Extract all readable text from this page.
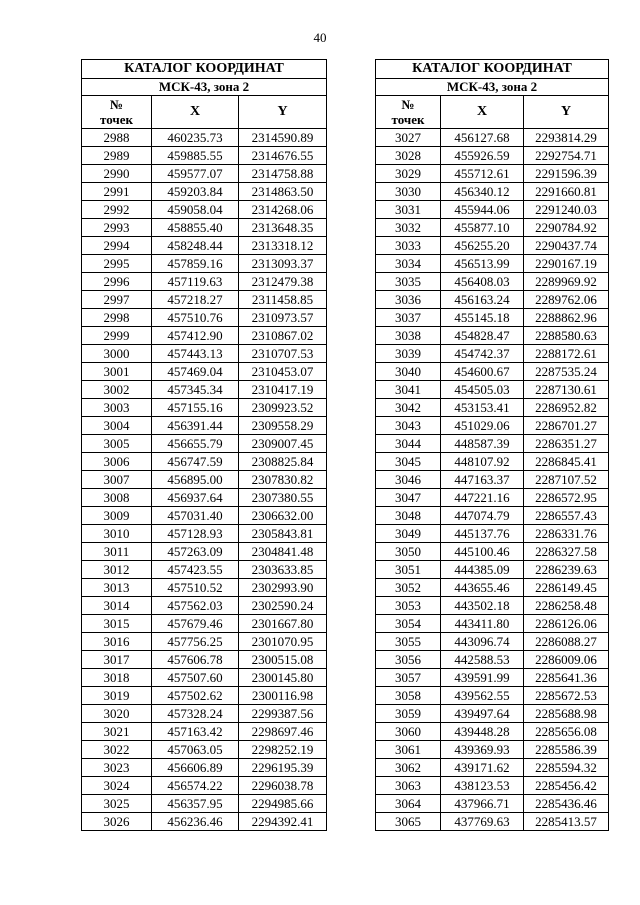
40
КАТАЛОГ КООРДИНАТ		
МСК-43, зона 2		
№
точек	X	Y
2988	460235.73	2314590.89
2989	459885.55	2314676.55
2990	459577.07	2314758.88
2991	459203.84	2314863.50
2992	459058.04	2314268.06
2993	458855.40	2313648.35
2994	458248.44	2313318.12
2995	457859.16	2313093.37
2996	457119.63	2312479.38
2997	457218.27	2311458.85
2998	457510.76	2310973.57
2999	457412.90	2310867.02
3000	457443.13	2310707.53
3001	457469.04	2310453.07
3002	457345.34	2310417.19
3003	457155.16	2309923.52
3004	456391.44	2309558.29
3005	456655.79	2309007.45
3006	456747.59	2308825.84
3007	456895.00	2307830.82
3008	456937.64	2307380.55
3009	457031.40	2306632.00
3010	457128.93	2305843.81
3011	457263.09	2304841.48
3012	457423.55	2303633.85
3013	457510.52	2302993.90
3014	457562.03	2302590.24
3015	457679.46	2301667.80
3016	457756.25	2301070.95
3017	457606.78	2300515.08
3018	457507.60	2300145.80
3019	457502.62	2300116.98
3020	457328.24	2299387.56
3021	457163.42	2298697.46
3022	457063.05	2298252.19
3023	456606.89	2296195.39
3024	456574.22	2296038.78
3025	456357.95	2294985.66
3026	456236.46	2294392.41
КАТАЛОГ КООРДИНАТ		
МСК-43, зона 2		
№
точек	X	Y
3027	456127.68	2293814.29
3028	455926.59	2292754.71
3029	455712.61	2291596.39
3030	456340.12	2291660.81
3031	455944.06	2291240.03
3032	455877.10	2290784.92
3033	456255.20	2290437.74
3034	456513.99	2290167.19
3035	456408.03	2289969.92
3036	456163.24	2289762.06
3037	455145.18	2288862.96
3038	454828.47	2288580.63
3039	454742.37	2288172.61
3040	454600.67	2287535.24
3041	454505.03	2287130.61
3042	453153.41	2286952.82
3043	451029.06	2286701.27
3044	448587.39	2286351.27
3045	448107.92	2286845.41
3046	447163.37	2287107.52
3047	447221.16	2286572.95
3048	447074.79	2286557.43
3049	445137.76	2286331.76
3050	445100.46	2286327.58
3051	444385.09	2286239.63
3052	443655.46	2286149.45
3053	443502.18	2286258.48
3054	443411.80	2286126.06
3055	443096.74	2286088.27
3056	442588.53	2286009.06
3057	439591.99	2285641.36
3058	439562.55	2285672.53
3059	439497.64	2285688.98
3060	439448.28	2285656.08
3061	439369.93	2285586.39
3062	439171.62	2285594.32
3063	438123.53	2285456.42
3064	437966.71	2285436.46
3065	437769.63	2285413.57
